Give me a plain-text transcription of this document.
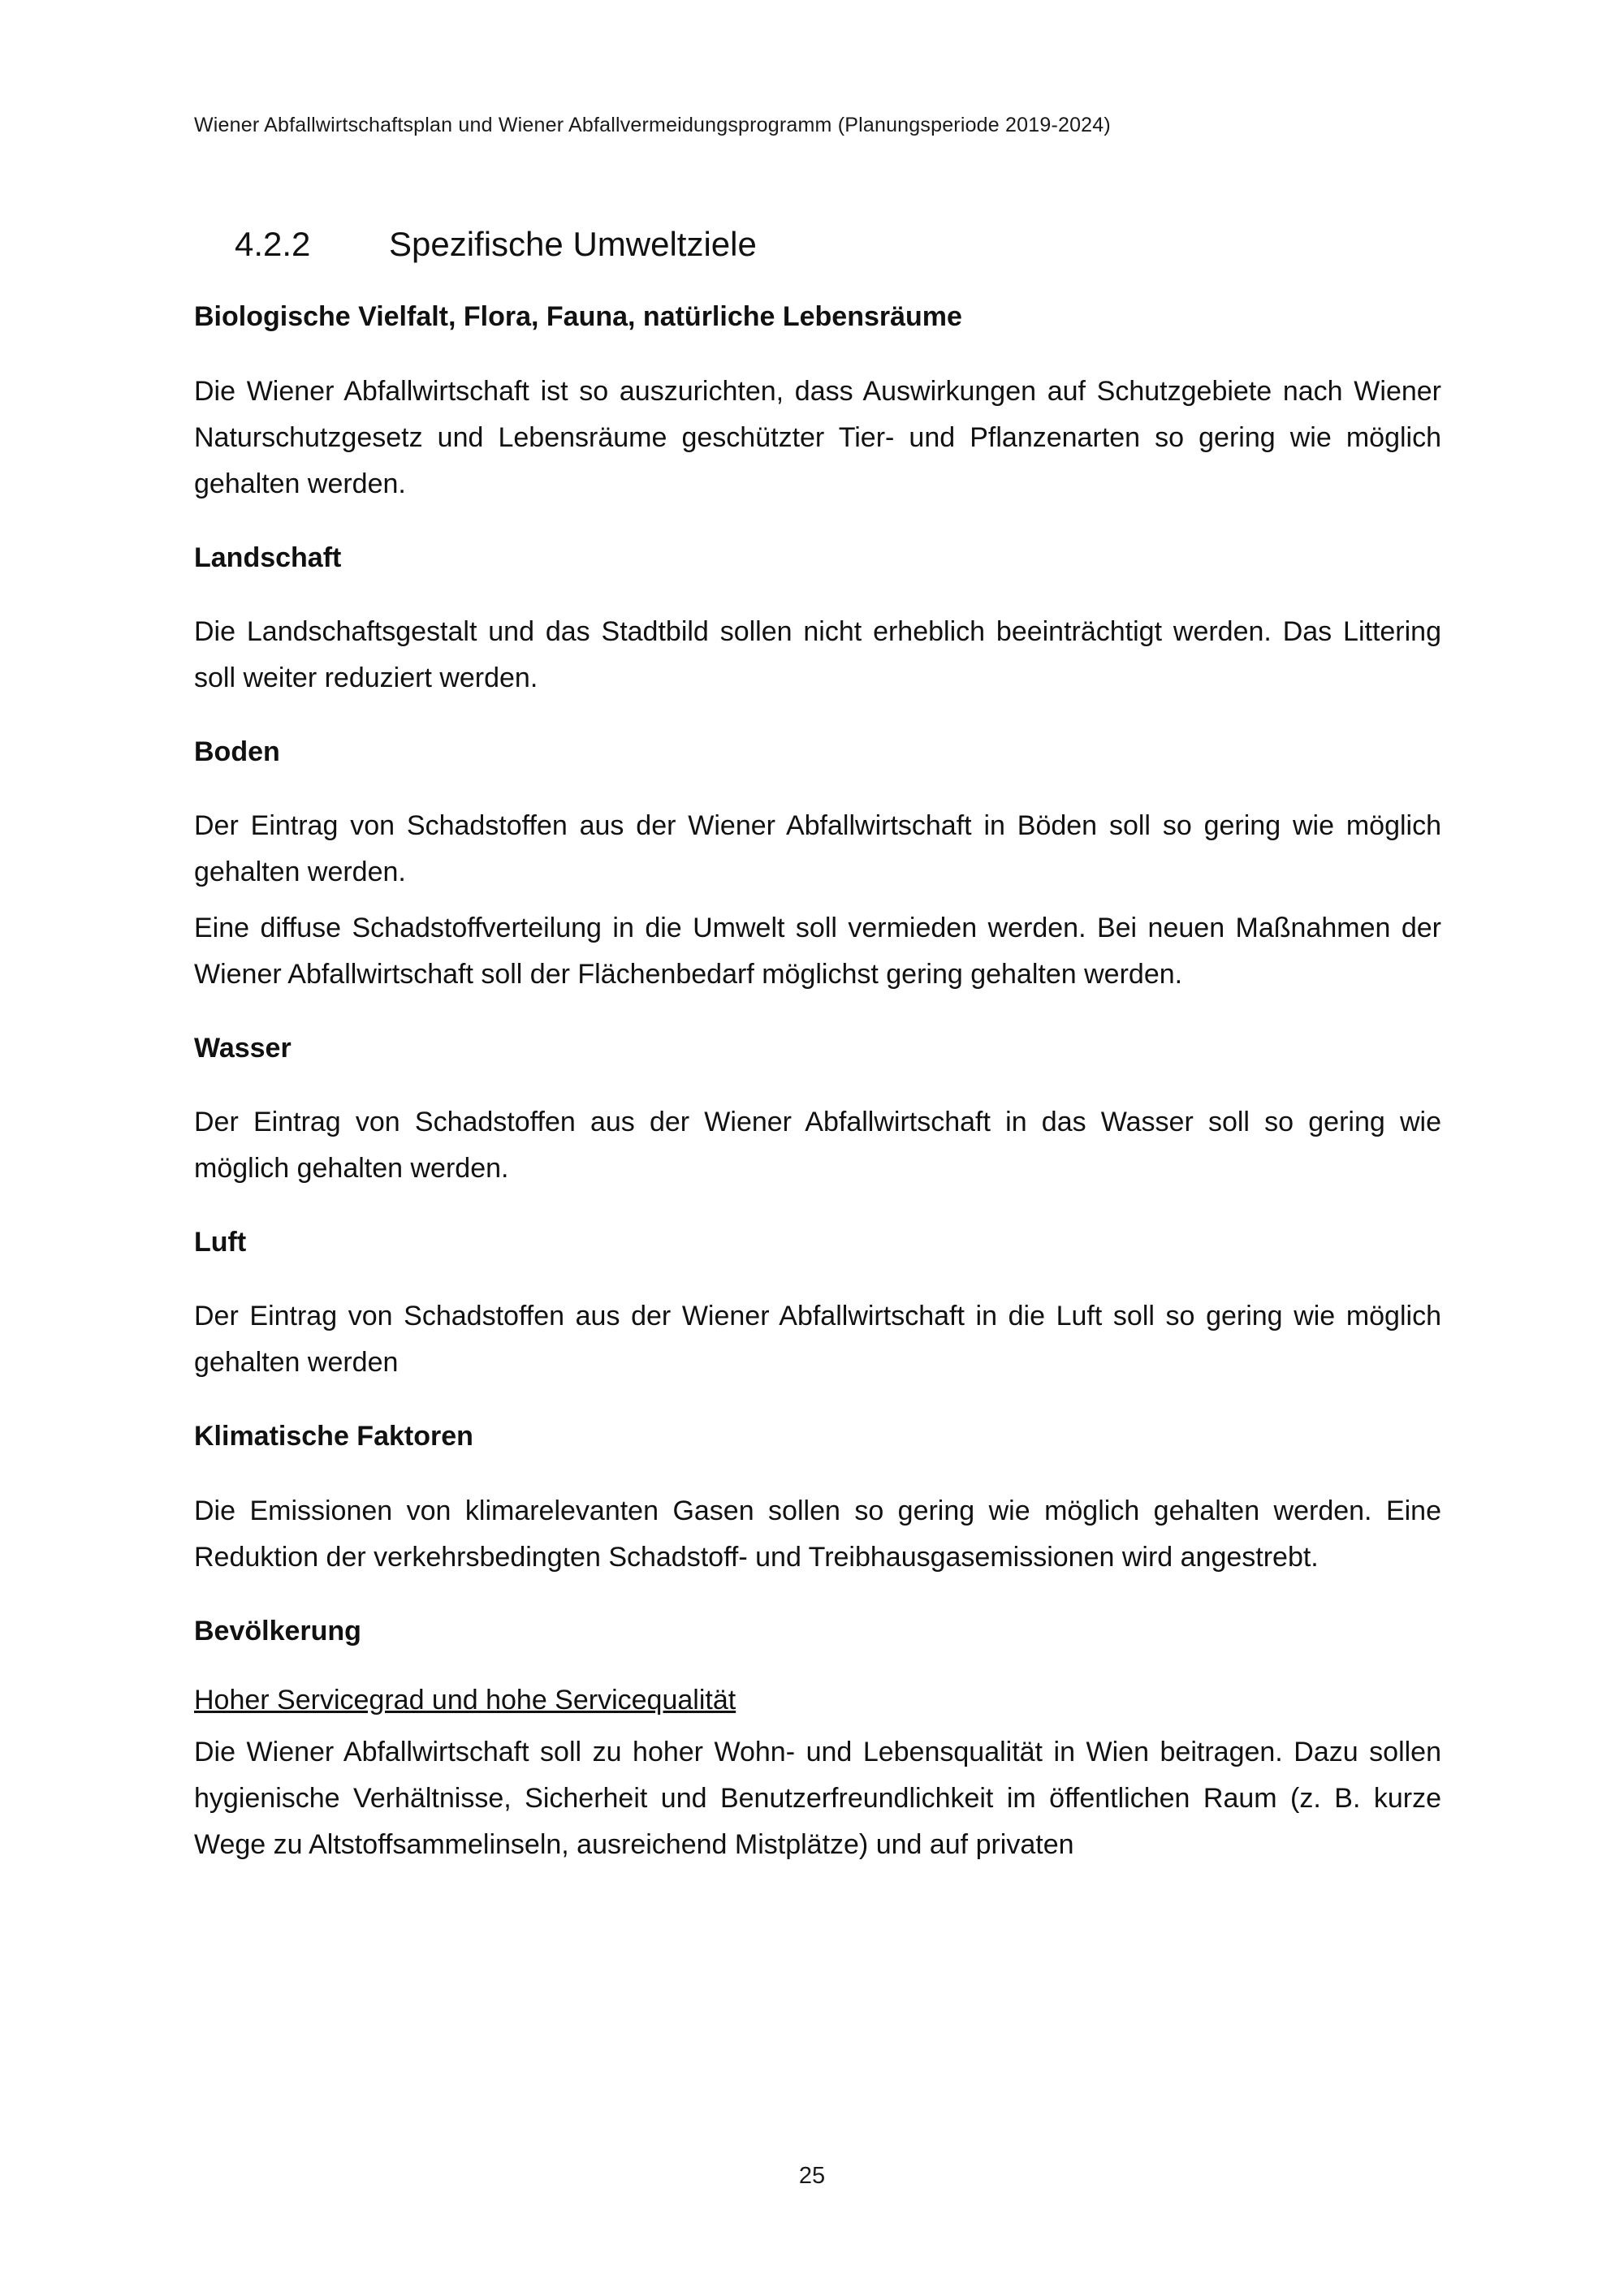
Wiener Abfallwirtschaftsplan und Wiener Abfallvermeidungsprogramm (Planungsperiode 2019-2024)
4.2.2	Spezifische Umweltziele
Biologische Vielfalt, Flora, Fauna, natürliche Lebensräume

Die Wiener Abfallwirtschaft ist so auszurichten, dass Auswirkungen auf Schutzgebiete nach Wiener Naturschutzgesetz und Lebensräume geschützter Tier- und Pflanzenarten so gering wie möglich gehalten werden.

Landschaft

Die Landschaftsgestalt und das Stadtbild sollen nicht erheblich beeinträchtigt werden. Das Littering soll weiter reduziert werden.

Boden

Der Eintrag von Schadstoffen aus der Wiener Abfallwirtschaft in Böden soll so gering wie möglich gehalten werden.

Eine diffuse Schadstoffverteilung in die Umwelt soll vermieden werden. Bei neuen Maßnahmen der Wiener Abfallwirtschaft soll der Flächenbedarf möglichst gering gehalten werden.

Wasser

Der Eintrag von Schadstoffen aus der Wiener Abfallwirtschaft in das Wasser soll so gering wie möglich gehalten werden.

Luft

Der Eintrag von Schadstoffen aus der Wiener Abfallwirtschaft in die Luft soll so gering wie möglich gehalten werden

Klimatische Faktoren

Die Emissionen von klimarelevanten Gasen sollen so gering wie möglich gehalten werden. Eine Reduktion der verkehrsbedingten Schadstoff- und Treibhausgasemissionen wird angestrebt.

Bevölkerung
Hoher Servicegrad und hohe Servicequalität

Die Wiener Abfallwirtschaft soll zu hoher Wohn- und Lebensqualität in Wien beitragen. Dazu sollen hygienische Verhältnisse, Sicherheit und Benutzerfreundlichkeit im öffentlichen Raum (z. B. kurze Wege zu Altstoffsammelinseln, ausreichend Mistplätze) und auf privaten

25
